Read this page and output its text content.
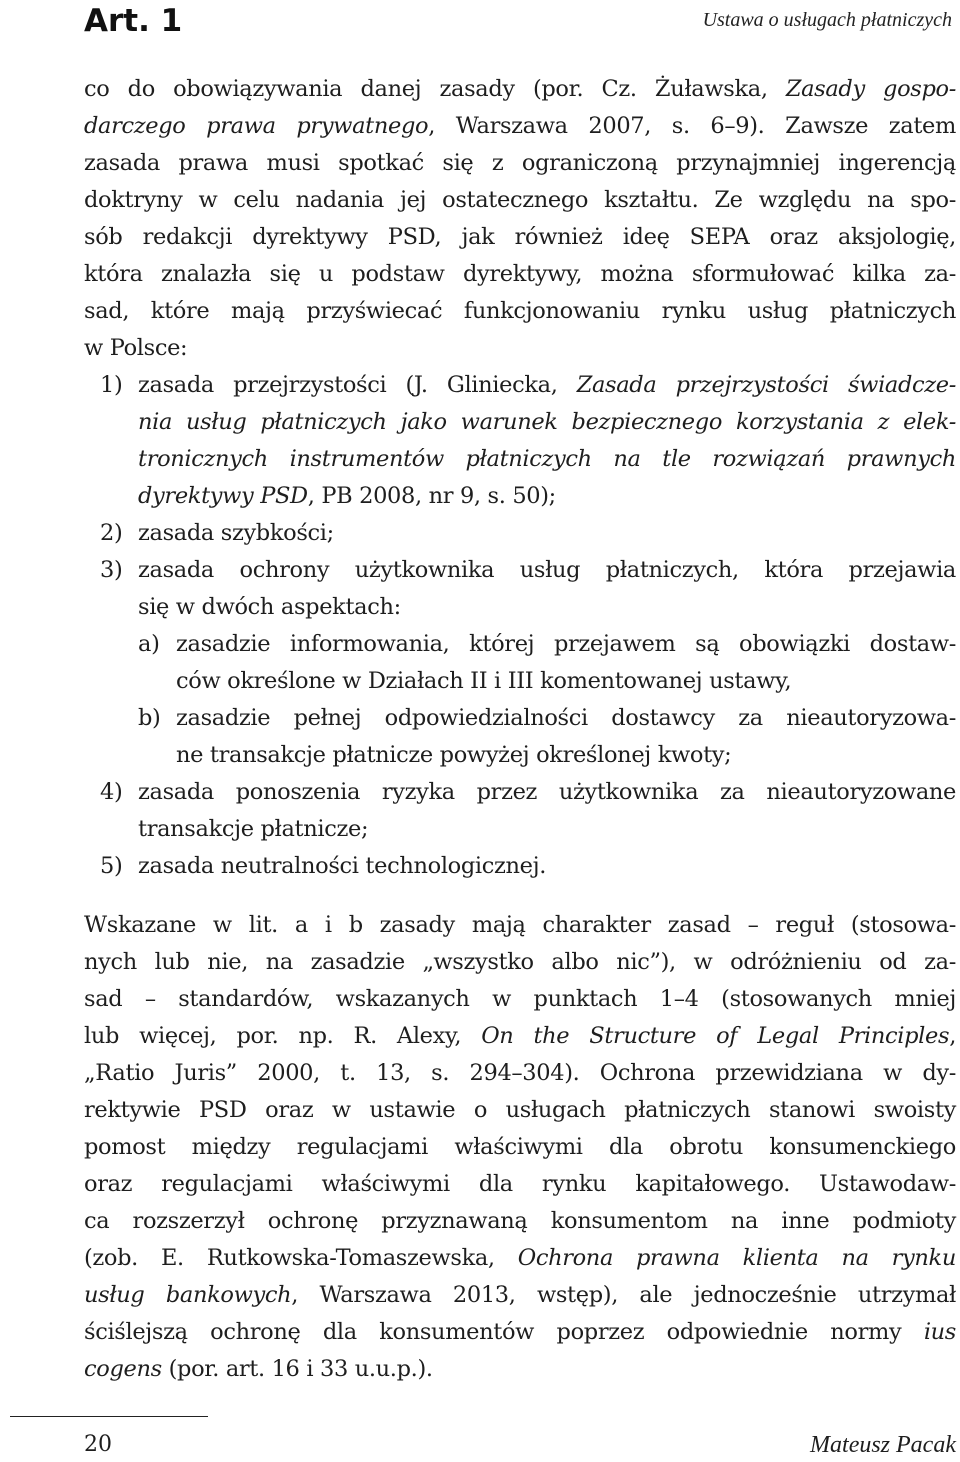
Art. 1	Ustawa o usługach płatniczych
co do obowiązywania danej zasady (por. Cz. Żuławska, Zasady gospo-
darczego prawa prywatnego, Warszawa 2007, s. 6–9). Zawsze zatem
zasada prawa musi spotkać się z ograniczoną przynajmniej ingerencją
doktryny w celu nadania jej ostatecznego kształtu. Ze względu na spo-
sób redakcji dyrektywy PSD, jak również ideę SEPA oraz aksjologię,
która znalazła się u podstaw dyrektywy, można sformułować kilka za-
sad, które mają przyświecać funkcjonowaniu rynku usług płatniczych
w Polsce:
1) zasada przejrzystości (J. Gliniecka, Zasada przejrzystości świadcze-
nia usług płatniczych jako warunek bezpiecznego korzystania z elek-
tronicznych instrumentów płatniczych na tle rozwiązań prawnych
dyrektywy PSD, PB 2008, nr 9, s. 50);
2) zasada szybkości;
3) zasada ochrony użytkownika usług płatniczych, która przejawia
się w dwóch aspektach:
a) zasadzie informowania, której przejawem są obowiązki dostaw-
ców określone w Działach II i III komentowanej ustawy,
b) zasadzie pełnej odpowiedzialności dostawcy za nieautoryzowa-
ne transakcje płatnicze powyżej określonej kwoty;
4) zasada ponoszenia ryzyka przez użytkownika za nieautoryzowane
transakcje płatnicze;
5) zasada neutralności technologicznej.
Wskazane w lit. a i b zasady mają charakter zasad – reguł (stosowa-
nych lub nie, na zasadzie „wszystko albo nic”), w odróżnieniu od za-
sad – standardów, wskazanych w punktach 1–4 (stosowanych mniej
lub więcej, por. np. R. Alexy, On the Structure of Legal Principles,
„Ratio Juris” 2000, t. 13, s. 294–304). Ochrona przewidziana w dy-
rektywie PSD oraz w ustawie o usługach płatniczych stanowi swoisty
pomost między regulacjami właściwymi dla obrotu konsumenckiego
oraz regulacjami właściwymi dla rynku kapitałowego. Ustawodaw-
ca rozszerzył ochronę przyznawaną konsumentom na inne podmioty
(zob. E. Rutkowska-Tomaszewska, Ochrona prawna klienta na rynku
usług bankowych, Warszawa 2013, wstęp), ale jednocześnie utrzymał
ściślejszą ochronę dla konsumentów poprzez odpowiednie normy ius
cogens (por. art. 16 i 33 u.u.p.).
20	Mateusz Pacak
